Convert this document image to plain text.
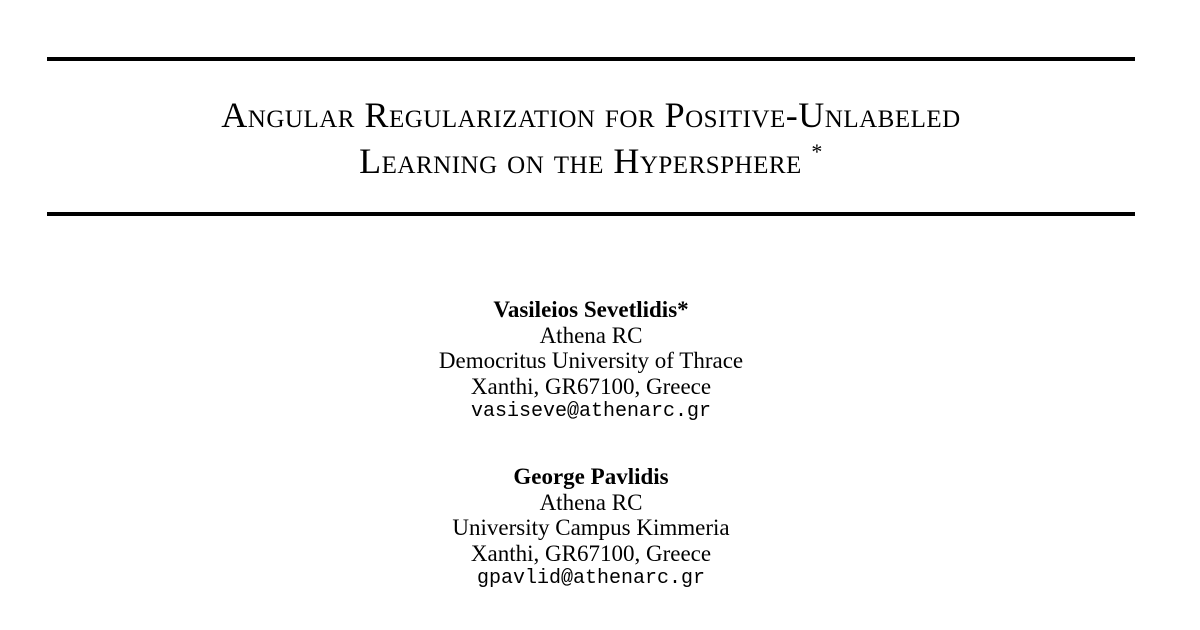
Angular Regularization for Positive-Unlabeled
Learning on the Hypersphere *
Vasileios Sevetlidis*
Athena RC
Democritus University of Thrace
Xanthi, GR67100, Greece
vasiseve@athenarc.gr
George Pavlidis
Athena RC
University Campus Kimmeria
Xanthi, GR67100, Greece
gpavlid@athenarc.gr
